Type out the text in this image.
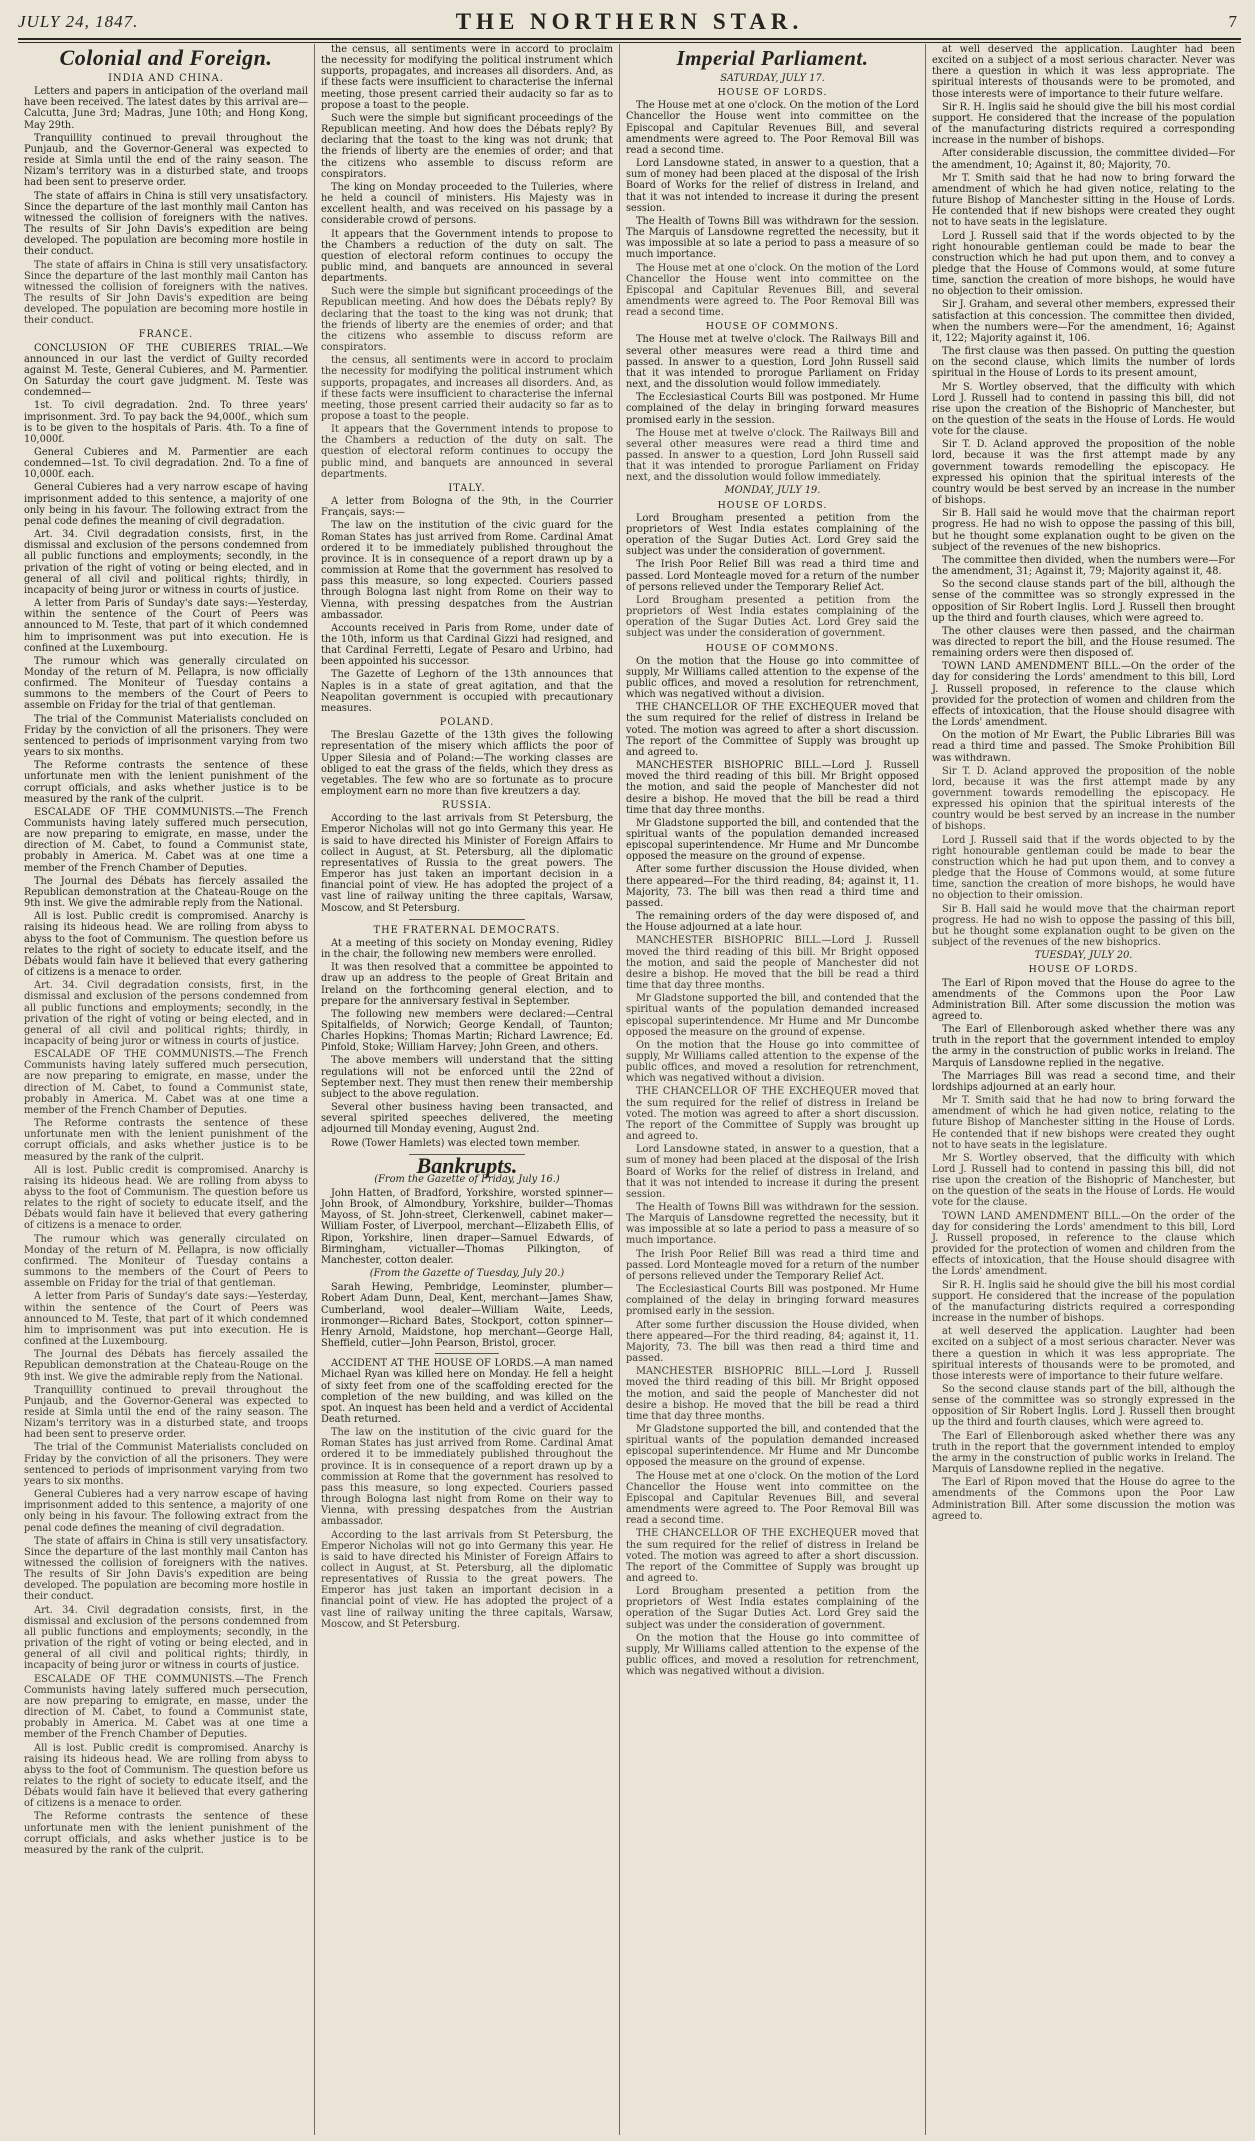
JULY 24, 1847.	THE NORTHERN STAR.	7
Colonial and Foreign.
INDIA AND CHINA.

Letters and papers in anticipation of the overland mail have been received. The latest dates by this arrival are—Calcutta, June 3rd; Madras, June 10th; and Hong Kong, May 29th.

Tranquillity continued to prevail throughout the Punjaub, and the Governor-General was expected to reside at Simla until the end of the rainy season. The Nizam's territory was in a disturbed state, and troops had been sent to preserve order.

The state of affairs in China is still very unsatisfactory. Since the departure of the last monthly mail Canton has witnessed the collision of foreigners with the natives. The results of Sir John Davis's expedition are being developed. The population are becoming more hostile in their conduct.

The state of affairs in China is still very unsatisfactory. Since the departure of the last monthly mail Canton has witnessed the collision of foreigners with the natives. The results of Sir John Davis's expedition are being developed. The population are becoming more hostile in their conduct.

FRANCE.

CONCLUSION OF THE CUBIERES TRIAL.—We announced in our last the verdict of Guilty recorded against M. Teste, General Cubieres, and M. Parmentier. On Saturday the court gave judgment. M. Teste was condemned—

1st. To civil degradation. 2nd. To three years' imprisonment. 3rd. To pay back the 94,000f., which sum is to be given to the hospitals of Paris. 4th. To a fine of 10,000f.

General Cubieres and M. Parmentier are each condemned—1st. To civil degradation. 2nd. To a fine of 10,000f. each.

General Cubieres had a very narrow escape of having imprisonment added to this sentence, a majority of one only being in his favour. The following extract from the penal code defines the meaning of civil degradation.

Art. 34. Civil degradation consists, first, in the dismissal and exclusion of the persons condemned from all public functions and employments; secondly, in the privation of the right of voting or being elected, and in general of all civil and political rights; thirdly, in incapacity of being juror or witness in courts of justice.

A letter from Paris of Sunday's date says:—Yesterday, within the sentence of the Court of Peers was announced to M. Teste, that part of it which condemned him to imprisonment was put into execution. He is confined at the Luxembourg.

The rumour which was generally circulated on Monday of the return of M. Pellapra, is now officially confirmed. The Moniteur of Tuesday contains a summons to the members of the Court of Peers to assemble on Friday for the trial of that gentleman.

The trial of the Communist Materialists concluded on Friday by the conviction of all the prisoners. They were sentenced to periods of imprisonment varying from two years to six months.

The Reforme contrasts the sentence of these unfortunate men with the lenient punishment of the corrupt officials, and asks whether justice is to be measured by the rank of the culprit.

ESCALADE OF THE COMMUNISTS.—The French Communists having lately suffered much persecution, are now preparing to emigrate, en masse, under the direction of M. Cabet, to found a Communist state, probably in America. M. Cabet was at one time a member of the French Chamber of Deputies.

The Journal des Débats has fiercely assailed the Republican demonstration at the Chateau-Rouge on the 9th inst. We give the admirable reply from the National.

All is lost. Public credit is compromised. Anarchy is raising its hideous head. We are rolling from abyss to abyss to the foot of Communism. The question before us relates to the right of society to educate itself, and the Débats would fain have it believed that every gathering of citizens is a menace to order.

Art. 34. Civil degradation consists, first, in the dismissal and exclusion of the persons condemned from all public functions and employments; secondly, in the privation of the right of voting or being elected, and in general of all civil and political rights; thirdly, in incapacity of being juror or witness in courts of justice.

ESCALADE OF THE COMMUNISTS.—The French Communists having lately suffered much persecution, are now preparing to emigrate, en masse, under the direction of M. Cabet, to found a Communist state, probably in America. M. Cabet was at one time a member of the French Chamber of Deputies.

The Reforme contrasts the sentence of these unfortunate men with the lenient punishment of the corrupt officials, and asks whether justice is to be measured by the rank of the culprit.

All is lost. Public credit is compromised. Anarchy is raising its hideous head. We are rolling from abyss to abyss to the foot of Communism. The question before us relates to the right of society to educate itself, and the Débats would fain have it believed that every gathering of citizens is a menace to order.

The rumour which was generally circulated on Monday of the return of M. Pellapra, is now officially confirmed. The Moniteur of Tuesday contains a summons to the members of the Court of Peers to assemble on Friday for the trial of that gentleman.

A letter from Paris of Sunday's date says:—Yesterday, within the sentence of the Court of Peers was announced to M. Teste, that part of it which condemned him to imprisonment was put into execution. He is confined at the Luxembourg.

The Journal des Débats has fiercely assailed the Republican demonstration at the Chateau-Rouge on the 9th inst. We give the admirable reply from the National.

Tranquillity continued to prevail throughout the Punjaub, and the Governor-General was expected to reside at Simla until the end of the rainy season. The Nizam's territory was in a disturbed state, and troops had been sent to preserve order.

The trial of the Communist Materialists concluded on Friday by the conviction of all the prisoners. They were sentenced to periods of imprisonment varying from two years to six months.

General Cubieres had a very narrow escape of having imprisonment added to this sentence, a majority of one only being in his favour. The following extract from the penal code defines the meaning of civil degradation.

The state of affairs in China is still very unsatisfactory. Since the departure of the last monthly mail Canton has witnessed the collision of foreigners with the natives. The results of Sir John Davis's expedition are being developed. The population are becoming more hostile in their conduct.

Art. 34. Civil degradation consists, first, in the dismissal and exclusion of the persons condemned from all public functions and employments; secondly, in the privation of the right of voting or being elected, and in general of all civil and political rights; thirdly, in incapacity of being juror or witness in courts of justice.

ESCALADE OF THE COMMUNISTS.—The French Communists having lately suffered much persecution, are now preparing to emigrate, en masse, under the direction of M. Cabet, to found a Communist state, probably in America. M. Cabet was at one time a member of the French Chamber of Deputies.

All is lost. Public credit is compromised. Anarchy is raising its hideous head. We are rolling from abyss to abyss to the foot of Communism. The question before us relates to the right of society to educate itself, and the Débats would fain have it believed that every gathering of citizens is a menace to order.

The Reforme contrasts the sentence of these unfortunate men with the lenient punishment of the corrupt officials, and asks whether justice is to be measured by the rank of the culprit.

the census, all sentiments were in accord to proclaim the necessity for modifying the political instrument which supports, propagates, and increases all disorders. And, as if these facts were insufficient to characterise the infernal meeting, those present carried their audacity so far as to propose a toast to the people.

Such were the simple but significant proceedings of the Republican meeting. And how does the Débats reply? By declaring that the toast to the king was not drunk; that the friends of liberty are the enemies of order; and that the citizens who assemble to discuss reform are conspirators.

The king on Monday proceeded to the Tuileries, where he held a council of ministers. His Majesty was in excellent health, and was received on his passage by a considerable crowd of persons.

It appears that the Government intends to propose to the Chambers a reduction of the duty on salt. The question of electoral reform continues to occupy the public mind, and banquets are announced in several departments.

Such were the simple but significant proceedings of the Republican meeting. And how does the Débats reply? By declaring that the toast to the king was not drunk; that the friends of liberty are the enemies of order; and that the citizens who assemble to discuss reform are conspirators.

the census, all sentiments were in accord to proclaim the necessity for modifying the political instrument which supports, propagates, and increases all disorders. And, as if these facts were insufficient to characterise the infernal meeting, those present carried their audacity so far as to propose a toast to the people.

It appears that the Government intends to propose to the Chambers a reduction of the duty on salt. The question of electoral reform continues to occupy the public mind, and banquets are announced in several departments.

ITALY.

A letter from Bologna of the 9th, in the Courrier Français, says:—

The law on the institution of the civic guard for the Roman States has just arrived from Rome. Cardinal Amat ordered it to be immediately published throughout the province. It is in consequence of a report drawn up by a commission at Rome that the government has resolved to pass this measure, so long expected. Couriers passed through Bologna last night from Rome on their way to Vienna, with pressing despatches from the Austrian ambassador.

Accounts received in Paris from Rome, under date of the 10th, inform us that Cardinal Gizzi had resigned, and that Cardinal Ferretti, Legate of Pesaro and Urbino, had been appointed his successor.

The Gazette of Leghorn of the 13th announces that Naples is in a state of great agitation, and that the Neapolitan government is occupied with precautionary measures.

POLAND.

The Breslau Gazette of the 13th gives the following representation of the misery which afflicts the poor of Upper Silesia and of Poland:—The working classes are obliged to eat the grass of the fields, which they dress as vegetables. The few who are so fortunate as to procure employment earn no more than five kreutzers a day.

RUSSIA.

According to the last arrivals from St Petersburg, the Emperor Nicholas will not go into Germany this year. He is said to have directed his Minister of Foreign Affairs to collect in August, at St. Petersburg, all the diplomatic representatives of Russia to the great powers. The Emperor has just taken an important decision in a financial point of view. He has adopted the project of a vast line of railway uniting the three capitals, Warsaw, Moscow, and St Petersburg.

THE FRATERNAL DEMOCRATS.

At a meeting of this society on Monday evening, Ridley in the chair, the following new members were enrolled.

It was then resolved that a committee be appointed to draw up an address to the people of Great Britain and Ireland on the forthcoming general election, and to prepare for the anniversary festival in September.

The following new members were declared:—Central Spitalfields, of Norwich; George Kendall, of Taunton; Charles Hopkins; Thomas Martin; Richard Lawrence; Ed. Pinfold, Stoke; William Harvey; John Green, and others.

The above members will understand that the sitting regulations will not be enforced until the 22nd of September next. They must then renew their membership subject to the above regulation.

Several other business having been transacted, and several spirited speeches delivered, the meeting adjourned till Monday evening, August 2nd.

Rowe (Tower Hamlets) was elected town member.

Bankrupts.
(From the Gazette of Friday, July 16.)

John Hatten, of Bradford, Yorkshire, worsted spinner—John Brook, of Almondbury, Yorkshire, builder—Thomas Mayoss, of St. John-street, Clerkenwell, cabinet maker—William Foster, of Liverpool, merchant—Elizabeth Ellis, of Ripon, Yorkshire, linen draper—Samuel Edwards, of Birmingham, victualler—Thomas Pilkington, of Manchester, cotton dealer.

(From the Gazette of Tuesday, July 20.)

Sarah Hewing, Pembridge, Leominster, plumber—Robert Adam Dunn, Deal, Kent, merchant—James Shaw, Cumberland, wool dealer—William Waite, Leeds, ironmonger—Richard Bates, Stockport, cotton spinner—Henry Arnold, Maidstone, hop merchant—George Hall, Sheffield, cutler—John Pearson, Bristol, grocer.

ACCIDENT AT THE HOUSE OF LORDS.—A man named Michael Ryan was killed here on Monday. He fell a height of sixty feet from one of the scaffolding erected for the completion of the new building, and was killed on the spot. An inquest has been held and a verdict of Accidental Death returned.

The law on the institution of the civic guard for the Roman States has just arrived from Rome. Cardinal Amat ordered it to be immediately published throughout the province. It is in consequence of a report drawn up by a commission at Rome that the government has resolved to pass this measure, so long expected. Couriers passed through Bologna last night from Rome on their way to Vienna, with pressing despatches from the Austrian ambassador.

According to the last arrivals from St Petersburg, the Emperor Nicholas will not go into Germany this year. He is said to have directed his Minister of Foreign Affairs to collect in August, at St. Petersburg, all the diplomatic representatives of Russia to the great powers. The Emperor has just taken an important decision in a financial point of view. He has adopted the project of a vast line of railway uniting the three capitals, Warsaw, Moscow, and St Petersburg.

Imperial Parliament.
SATURDAY, JULY 17.
HOUSE OF LORDS.

The House met at one o'clock. On the motion of the Lord Chancellor the House went into committee on the Episcopal and Capitular Revenues Bill, and several amendments were agreed to. The Poor Removal Bill was read a second time.

Lord Lansdowne stated, in answer to a question, that a sum of money had been placed at the disposal of the Irish Board of Works for the relief of distress in Ireland, and that it was not intended to increase it during the present session.

The Health of Towns Bill was withdrawn for the session. The Marquis of Lansdowne regretted the necessity, but it was impossible at so late a period to pass a measure of so much importance.

The House met at one o'clock. On the motion of the Lord Chancellor the House went into committee on the Episcopal and Capitular Revenues Bill, and several amendments were agreed to. The Poor Removal Bill was read a second time.

HOUSE OF COMMONS.

The House met at twelve o'clock. The Railways Bill and several other measures were read a third time and passed. In answer to a question, Lord John Russell said that it was intended to prorogue Parliament on Friday next, and the dissolution would follow immediately.

The Ecclesiastical Courts Bill was postponed. Mr Hume complained of the delay in bringing forward measures promised early in the session.

The House met at twelve o'clock. The Railways Bill and several other measures were read a third time and passed. In answer to a question, Lord John Russell said that it was intended to prorogue Parliament on Friday next, and the dissolution would follow immediately.

MONDAY, JULY 19.
HOUSE OF LORDS.

Lord Brougham presented a petition from the proprietors of West India estates complaining of the operation of the Sugar Duties Act. Lord Grey said the subject was under the consideration of government.

The Irish Poor Relief Bill was read a third time and passed. Lord Monteagle moved for a return of the number of persons relieved under the Temporary Relief Act.

Lord Brougham presented a petition from the proprietors of West India estates complaining of the operation of the Sugar Duties Act. Lord Grey said the subject was under the consideration of government.

HOUSE OF COMMONS.

On the motion that the House go into committee of supply, Mr Williams called attention to the expense of the public offices, and moved a resolution for retrenchment, which was negatived without a division.

THE CHANCELLOR OF THE EXCHEQUER moved that the sum required for the relief of distress in Ireland be voted. The motion was agreed to after a short discussion. The report of the Committee of Supply was brought up and agreed to.

MANCHESTER BISHOPRIC BILL.—Lord J. Russell moved the third reading of this bill. Mr Bright opposed the motion, and said the people of Manchester did not desire a bishop. He moved that the bill be read a third time that day three months.

Mr Gladstone supported the bill, and contended that the spiritual wants of the population demanded increased episcopal superintendence. Mr Hume and Mr Duncombe opposed the measure on the ground of expense.

After some further discussion the House divided, when there appeared—For the third reading, 84; against it, 11. Majority, 73. The bill was then read a third time and passed.

The remaining orders of the day were disposed of, and the House adjourned at a late hour.

MANCHESTER BISHOPRIC BILL.—Lord J. Russell moved the third reading of this bill. Mr Bright opposed the motion, and said the people of Manchester did not desire a bishop. He moved that the bill be read a third time that day three months.

Mr Gladstone supported the bill, and contended that the spiritual wants of the population demanded increased episcopal superintendence. Mr Hume and Mr Duncombe opposed the measure on the ground of expense.

On the motion that the House go into committee of supply, Mr Williams called attention to the expense of the public offices, and moved a resolution for retrenchment, which was negatived without a division.

THE CHANCELLOR OF THE EXCHEQUER moved that the sum required for the relief of distress in Ireland be voted. The motion was agreed to after a short discussion. The report of the Committee of Supply was brought up and agreed to.

Lord Lansdowne stated, in answer to a question, that a sum of money had been placed at the disposal of the Irish Board of Works for the relief of distress in Ireland, and that it was not intended to increase it during the present session.

The Health of Towns Bill was withdrawn for the session. The Marquis of Lansdowne regretted the necessity, but it was impossible at so late a period to pass a measure of so much importance.

The Irish Poor Relief Bill was read a third time and passed. Lord Monteagle moved for a return of the number of persons relieved under the Temporary Relief Act.

The Ecclesiastical Courts Bill was postponed. Mr Hume complained of the delay in bringing forward measures promised early in the session.

After some further discussion the House divided, when there appeared—For the third reading, 84; against it, 11. Majority, 73. The bill was then read a third time and passed.

MANCHESTER BISHOPRIC BILL.—Lord J. Russell moved the third reading of this bill. Mr Bright opposed the motion, and said the people of Manchester did not desire a bishop. He moved that the bill be read a third time that day three months.

Mr Gladstone supported the bill, and contended that the spiritual wants of the population demanded increased episcopal superintendence. Mr Hume and Mr Duncombe opposed the measure on the ground of expense.

The House met at one o'clock. On the motion of the Lord Chancellor the House went into committee on the Episcopal and Capitular Revenues Bill, and several amendments were agreed to. The Poor Removal Bill was read a second time.

THE CHANCELLOR OF THE EXCHEQUER moved that the sum required for the relief of distress in Ireland be voted. The motion was agreed to after a short discussion. The report of the Committee of Supply was brought up and agreed to.

Lord Brougham presented a petition from the proprietors of West India estates complaining of the operation of the Sugar Duties Act. Lord Grey said the subject was under the consideration of government.

On the motion that the House go into committee of supply, Mr Williams called attention to the expense of the public offices, and moved a resolution for retrenchment, which was negatived without a division.

at well deserved the application. Laughter had been excited on a subject of a most serious character. Never was there a question in which it was less appropriate. The spiritual interests of thousands were to be promoted, and those interests were of importance to their future welfare.

Sir R. H. Inglis said he should give the bill his most cordial support. He considered that the increase of the population of the manufacturing districts required a corresponding increase in the number of bishops.

After considerable discussion, the committee divided—For the amendment, 10; Against it, 80; Majority, 70.

Mr T. Smith said that he had now to bring forward the amendment of which he had given notice, relating to the future Bishop of Manchester sitting in the House of Lords. He contended that if new bishops were created they ought not to have seats in the legislature.

Lord J. Russell said that if the words objected to by the right honourable gentleman could be made to bear the construction which he had put upon them, and to convey a pledge that the House of Commons would, at some future time, sanction the creation of more bishops, he would have no objection to their omission.

Sir J. Graham, and several other members, expressed their satisfaction at this concession. The committee then divided, when the numbers were—For the amendment, 16; Against it, 122; Majority against it, 106.

The first clause was then passed. On putting the question on the second clause, which limits the number of lords spiritual in the House of Lords to its present amount,

Mr S. Wortley observed, that the difficulty with which Lord J. Russell had to contend in passing this bill, did not rise upon the creation of the Bishopric of Manchester, but on the question of the seats in the House of Lords. He would vote for the clause.

Sir T. D. Acland approved the proposition of the noble lord, because it was the first attempt made by any government towards remodelling the episcopacy. He expressed his opinion that the spiritual interests of the country would be best served by an increase in the number of bishops.

Sir B. Hall said he would move that the chairman report progress. He had no wish to oppose the passing of this bill, but he thought some explanation ought to be given on the subject of the revenues of the new bishoprics.

The committee then divided, when the numbers were—For the amendment, 31; Against it, 79; Majority against it, 48.

So the second clause stands part of the bill, although the sense of the committee was so strongly expressed in the opposition of Sir Robert Inglis. Lord J. Russell then brought up the third and fourth clauses, which were agreed to.

The other clauses were then passed, and the chairman was directed to report the bill, and the House resumed. The remaining orders were then disposed of.

TOWN LAND AMENDMENT BILL.—On the order of the day for considering the Lords' amendment to this bill, Lord J. Russell proposed, in reference to the clause which provided for the protection of women and children from the effects of intoxication, that the House should disagree with the Lords' amendment.

On the motion of Mr Ewart, the Public Libraries Bill was read a third time and passed. The Smoke Prohibition Bill was withdrawn.

Sir T. D. Acland approved the proposition of the noble lord, because it was the first attempt made by any government towards remodelling the episcopacy. He expressed his opinion that the spiritual interests of the country would be best served by an increase in the number of bishops.

Lord J. Russell said that if the words objected to by the right honourable gentleman could be made to bear the construction which he had put upon them, and to convey a pledge that the House of Commons would, at some future time, sanction the creation of more bishops, he would have no objection to their omission.

Sir B. Hall said he would move that the chairman report progress. He had no wish to oppose the passing of this bill, but he thought some explanation ought to be given on the subject of the revenues of the new bishoprics.

TUESDAY, JULY 20.
HOUSE OF LORDS.

The Earl of Ripon moved that the House do agree to the amendments of the Commons upon the Poor Law Administration Bill. After some discussion the motion was agreed to.

The Earl of Ellenborough asked whether there was any truth in the report that the government intended to employ the army in the construction of public works in Ireland. The Marquis of Lansdowne replied in the negative.

The Marriages Bill was read a second time, and their lordships adjourned at an early hour.

Mr T. Smith said that he had now to bring forward the amendment of which he had given notice, relating to the future Bishop of Manchester sitting in the House of Lords. He contended that if new bishops were created they ought not to have seats in the legislature.

Mr S. Wortley observed, that the difficulty with which Lord J. Russell had to contend in passing this bill, did not rise upon the creation of the Bishopric of Manchester, but on the question of the seats in the House of Lords. He would vote for the clause.

TOWN LAND AMENDMENT BILL.—On the order of the day for considering the Lords' amendment to this bill, Lord J. Russell proposed, in reference to the clause which provided for the protection of women and children from the effects of intoxication, that the House should disagree with the Lords' amendment.

Sir R. H. Inglis said he should give the bill his most cordial support. He considered that the increase of the population of the manufacturing districts required a corresponding increase in the number of bishops.

at well deserved the application. Laughter had been excited on a subject of a most serious character. Never was there a question in which it was less appropriate. The spiritual interests of thousands were to be promoted, and those interests were of importance to their future welfare.

So the second clause stands part of the bill, although the sense of the committee was so strongly expressed in the opposition of Sir Robert Inglis. Lord J. Russell then brought up the third and fourth clauses, which were agreed to.

The Earl of Ellenborough asked whether there was any truth in the report that the government intended to employ the army in the construction of public works in Ireland. The Marquis of Lansdowne replied in the negative.

The Earl of Ripon moved that the House do agree to the amendments of the Commons upon the Poor Law Administration Bill. After some discussion the motion was agreed to.
